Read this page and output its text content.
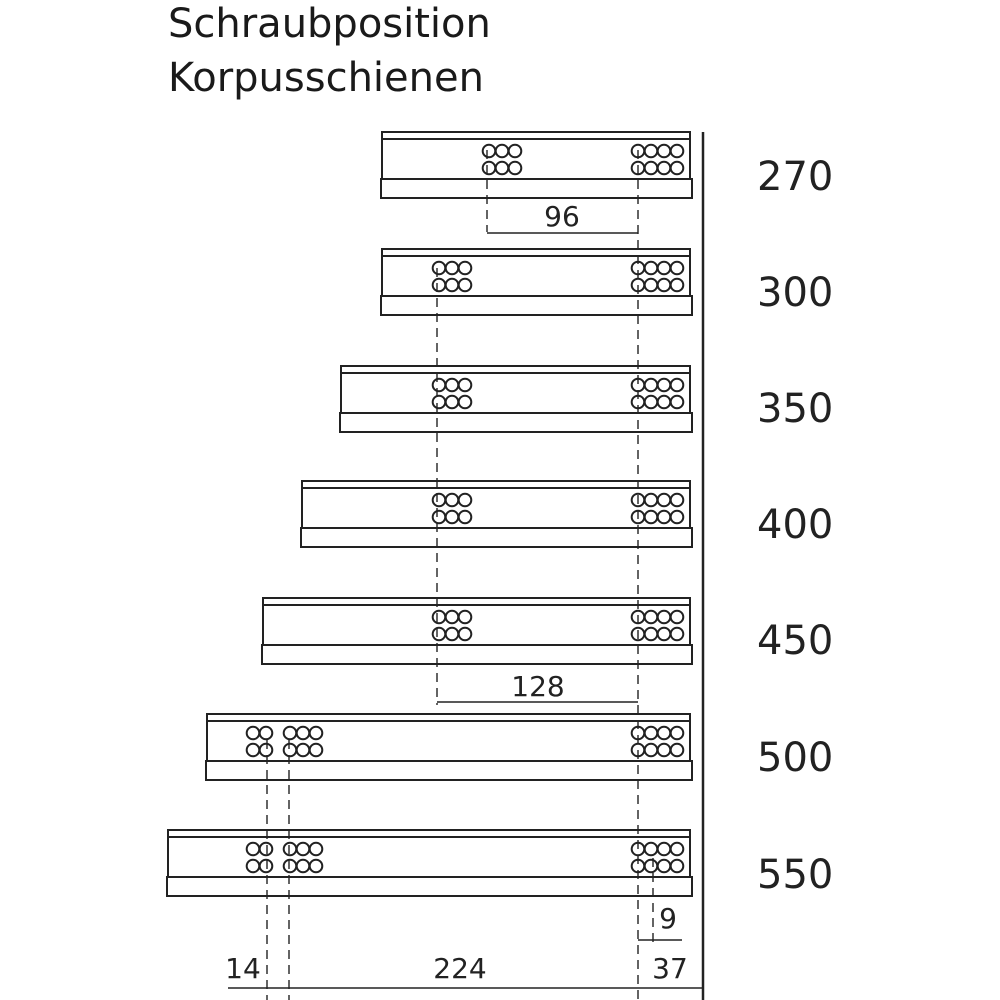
Schraubposition
Korpusschienen
270
300
350
400
450
500
550
96
128
9
14	224	37
